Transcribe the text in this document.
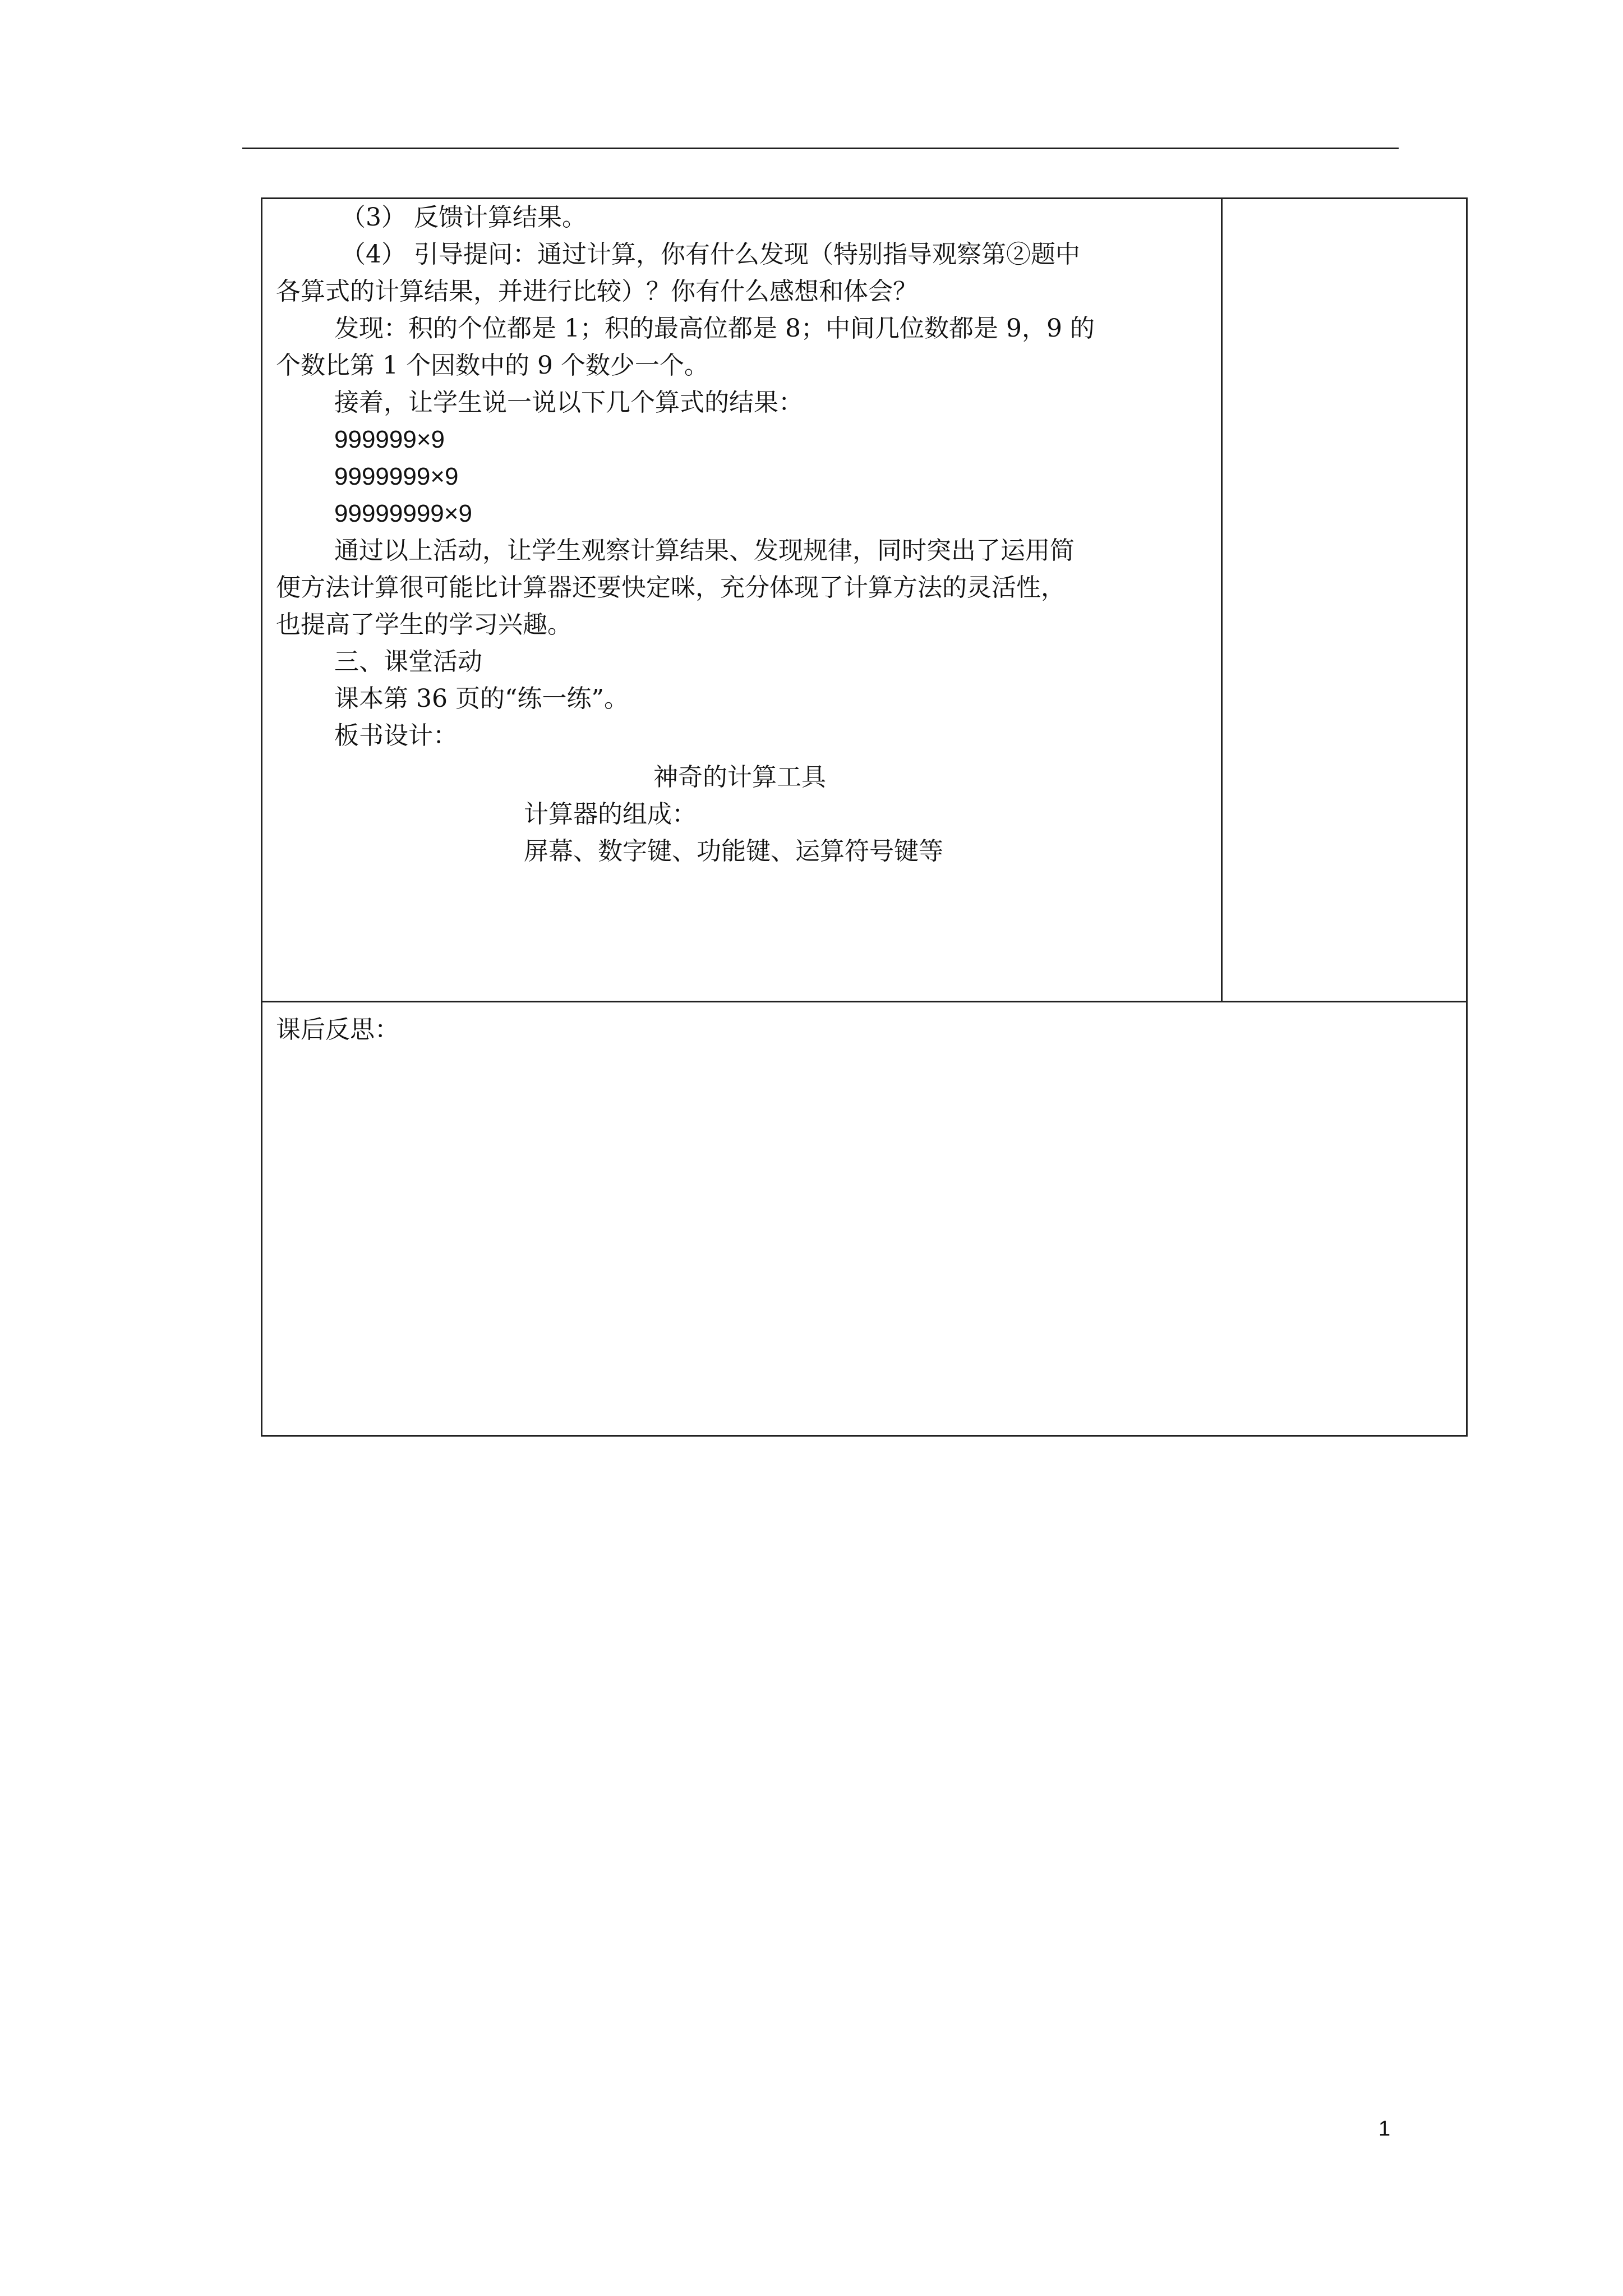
（3） 反馈计算结果。
（4） 引导提问：通过计算，你有什么发现（特别指导观察第②题中
各算式的计算结果，并进行比较）？你有什么感想和体会？
发现：积的个位都是 1；积的最高位都是 8；中间几位数都是 9，9 的
个数比第 1 个因数中的 9 个数少一个。
接着，让学生说一说以下几个算式的结果：
999999×9
9999999×9
99999999×9
通过以上活动，让学生观察计算结果、发现规律，同时突出了运用简
便方法计算很可能比计算器还要快定咪，充分体现了计算方法的灵活性，
也提高了学生的学习兴趣。
三、课堂活动
课本第 36 页的“练一练”。
板书设计：
神奇的计算工具
计算器的组成：
屏幕、数字键、功能键、运算符号键等
课后反思：
1
